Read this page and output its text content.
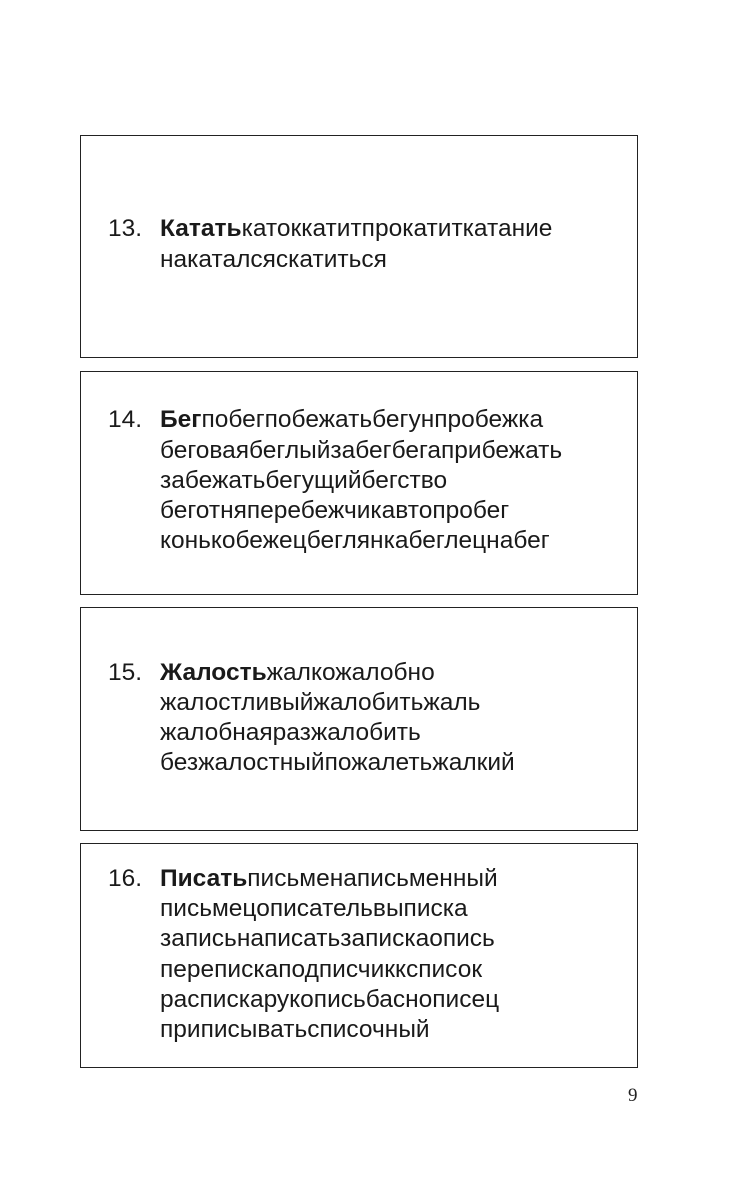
13. Кататькатоккатитпрокатиткатание
накаталсяскатиться
14. Бегпобегпобежатьбегунпробежка
беговаябеглыйзабегбегаприбежать
забежатьбегущийбегство
беготняперебежчикавтопробег
конькобежецбеглянкабеглецнабег
15. Жалостьжалкожалобно
жалостливыйжалобитьжаль
жалобнаяразжалобить
безжалостныйпожалетьжалкий
16. Писатьписьменаписьменный
письмецописательвыписка
записьнаписатьзапискаопись
перепискаподписчикксписок
распискарукописьбаснописец
приписыватьсписочный
9
